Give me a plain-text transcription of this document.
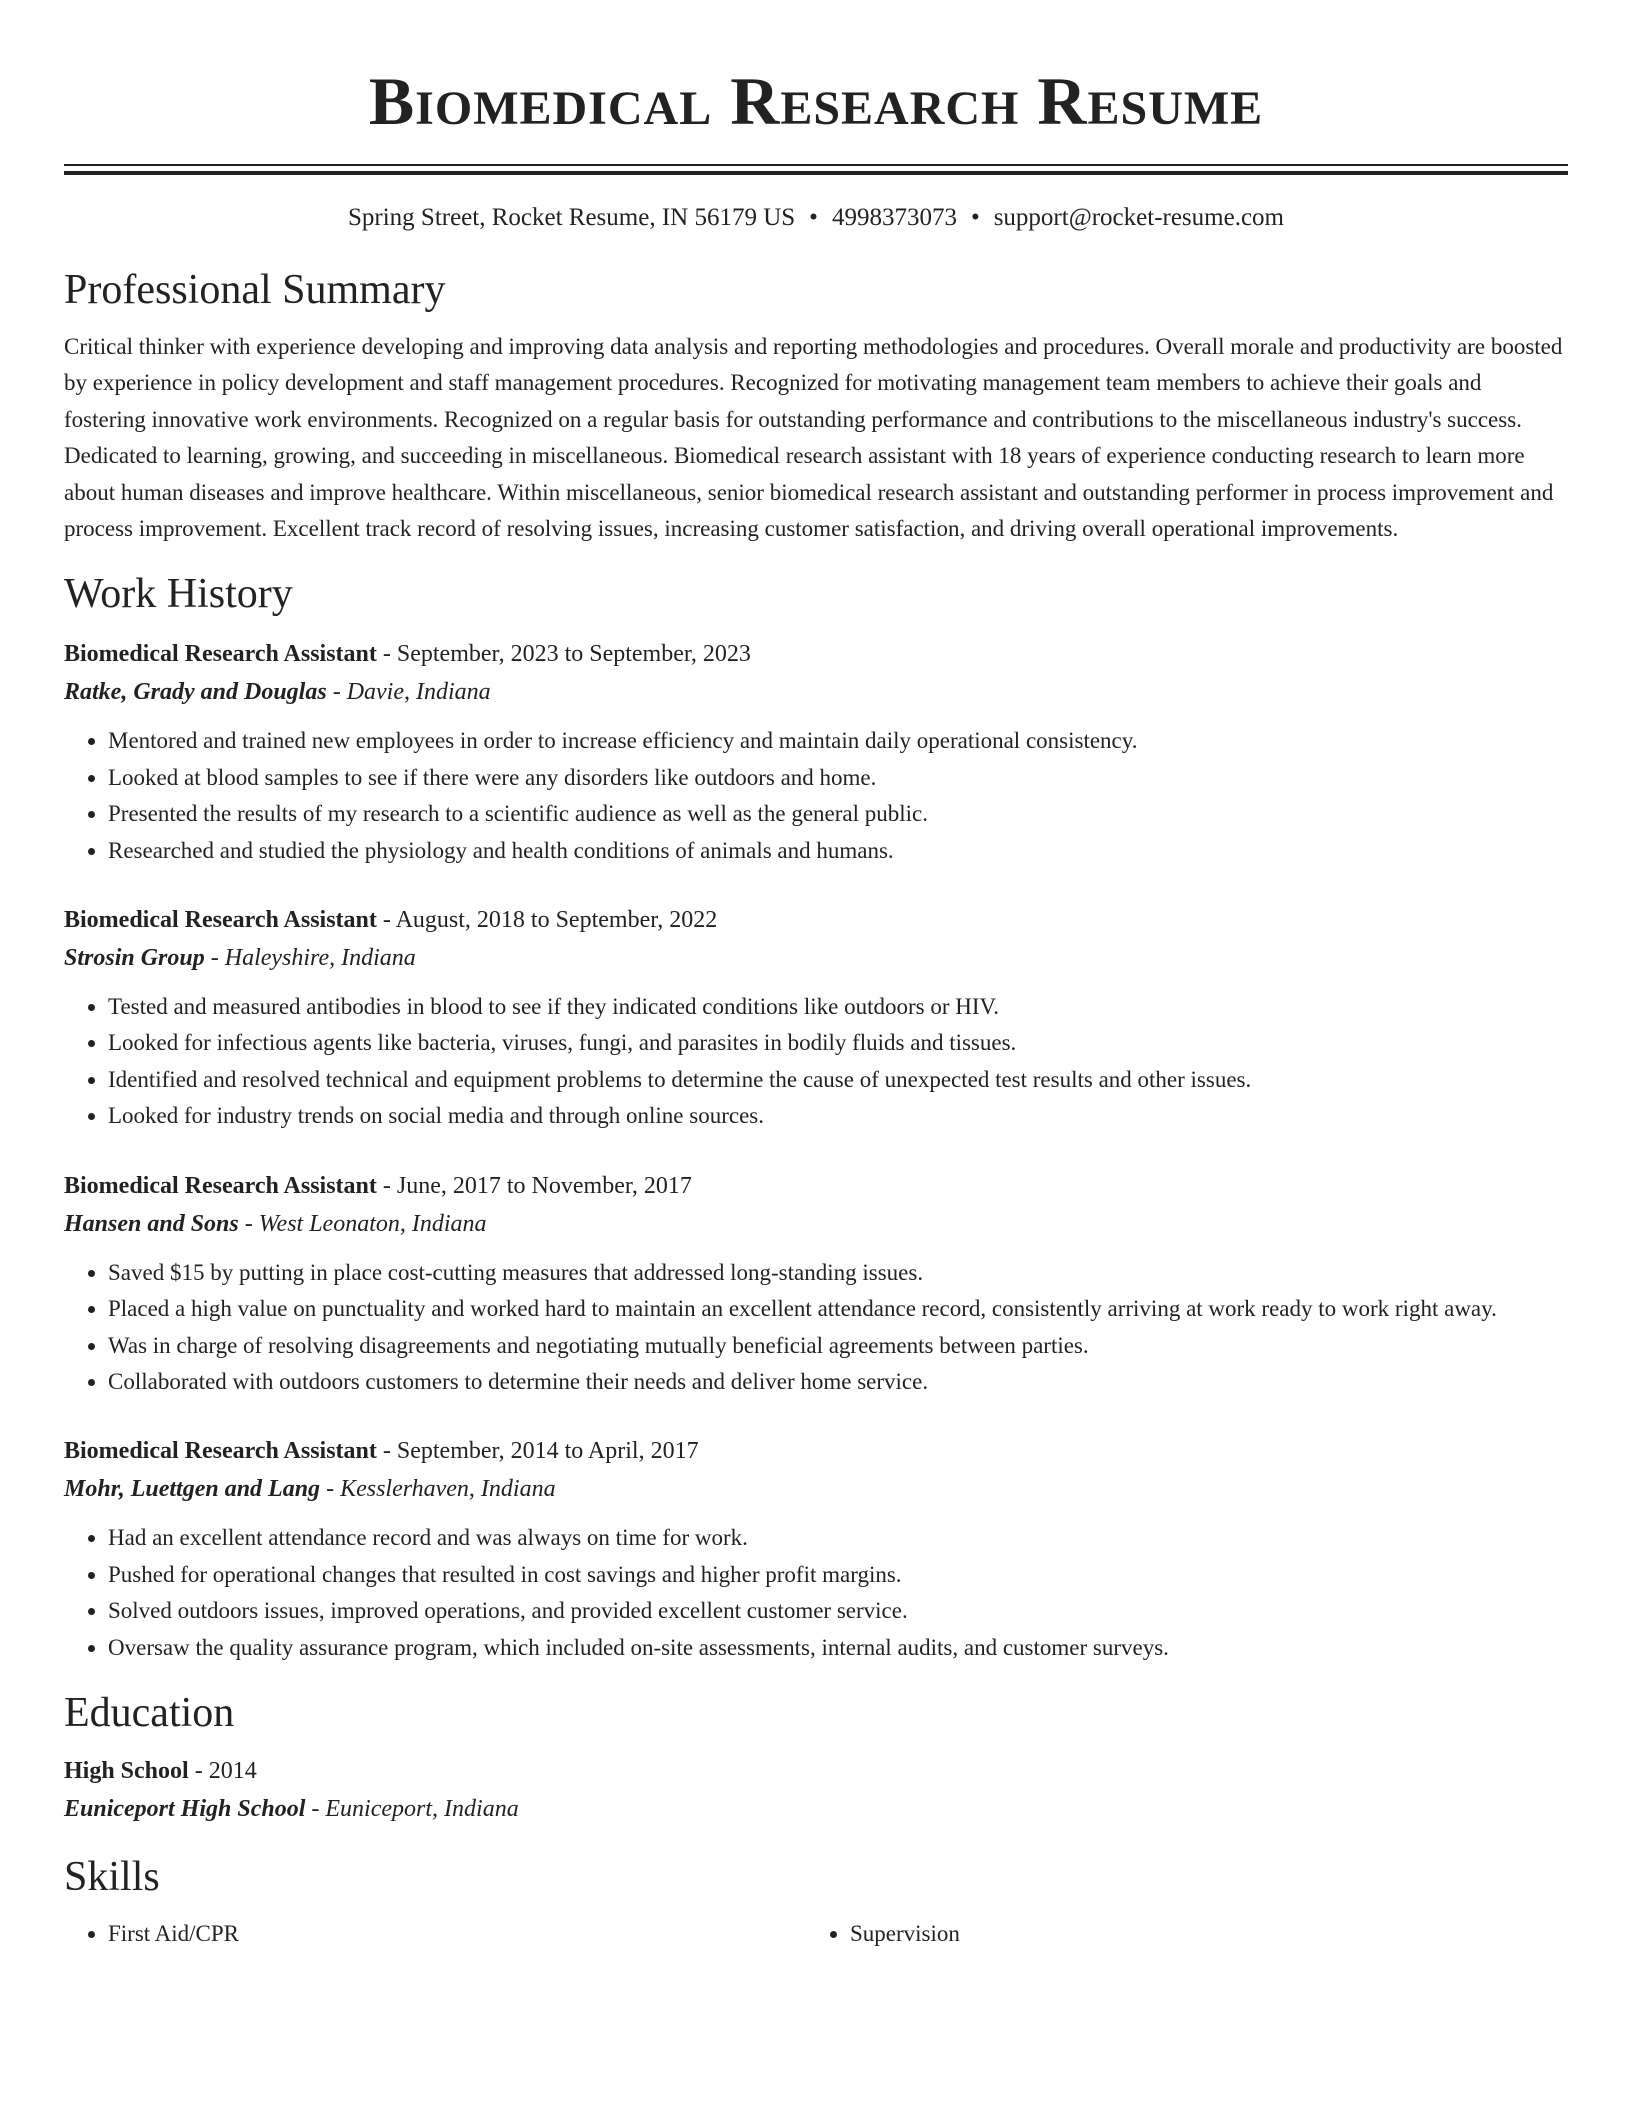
Biomedical Research Resume
Spring Street, Rocket Resume, IN 56179 US • 4998373073 • support@rocket-resume.com
Professional Summary

Critical thinker with experience developing and improving data analysis and reporting methodologies and procedures. Overall morale and productivity are boosted by experience in policy development and staff management procedures. Recognized for motivating management team members to achieve their goals and fostering innovative work environments. Recognized on a regular basis for outstanding performance and contributions to the miscellaneous industry's success. Dedicated to learning, growing, and succeeding in miscellaneous. Biomedical research assistant with 18 years of experience conducting research to learn more about human diseases and improve healthcare. Within miscellaneous, senior biomedical research assistant and outstanding performer in process improvement and process improvement. Excellent track record of resolving issues, increasing customer satisfaction, and driving overall operational improvements.

Work History
Biomedical Research Assistant - September, 2023 to September, 2023
Ratke, Grady and Douglas - Davie, Indiana
• Mentored and trained new employees in order to increase efficiency and maintain daily operational consistency.
• Looked at blood samples to see if there were any disorders like outdoors and home.
• Presented the results of my research to a scientific audience as well as the general public.
• Researched and studied the physiology and health conditions of animals and humans.
Biomedical Research Assistant - August, 2018 to September, 2022
Strosin Group - Haleyshire, Indiana
• Tested and measured antibodies in blood to see if they indicated conditions like outdoors or HIV.
• Looked for infectious agents like bacteria, viruses, fungi, and parasites in bodily fluids and tissues.
• Identified and resolved technical and equipment problems to determine the cause of unexpected test results and other issues.
• Looked for industry trends on social media and through online sources.
Biomedical Research Assistant - June, 2017 to November, 2017
Hansen and Sons - West Leonaton, Indiana
• Saved $15 by putting in place cost-cutting measures that addressed long-standing issues.
• Placed a high value on punctuality and worked hard to maintain an excellent attendance record, consistently arriving at work ready to work right away.
• Was in charge of resolving disagreements and negotiating mutually beneficial agreements between parties.
• Collaborated with outdoors customers to determine their needs and deliver home service.
Biomedical Research Assistant - September, 2014 to April, 2017
Mohr, Luettgen and Lang - Kesslerhaven, Indiana
• Had an excellent attendance record and was always on time for work.
• Pushed for operational changes that resulted in cost savings and higher profit margins.
• Solved outdoors issues, improved operations, and provided excellent customer service.
• Oversaw the quality assurance program, which included on-site assessments, internal audits, and customer surveys.
Education
High School - 2014
Euniceport High School - Euniceport, Indiana
Skills
• First Aid/CPR
•	Supervision
